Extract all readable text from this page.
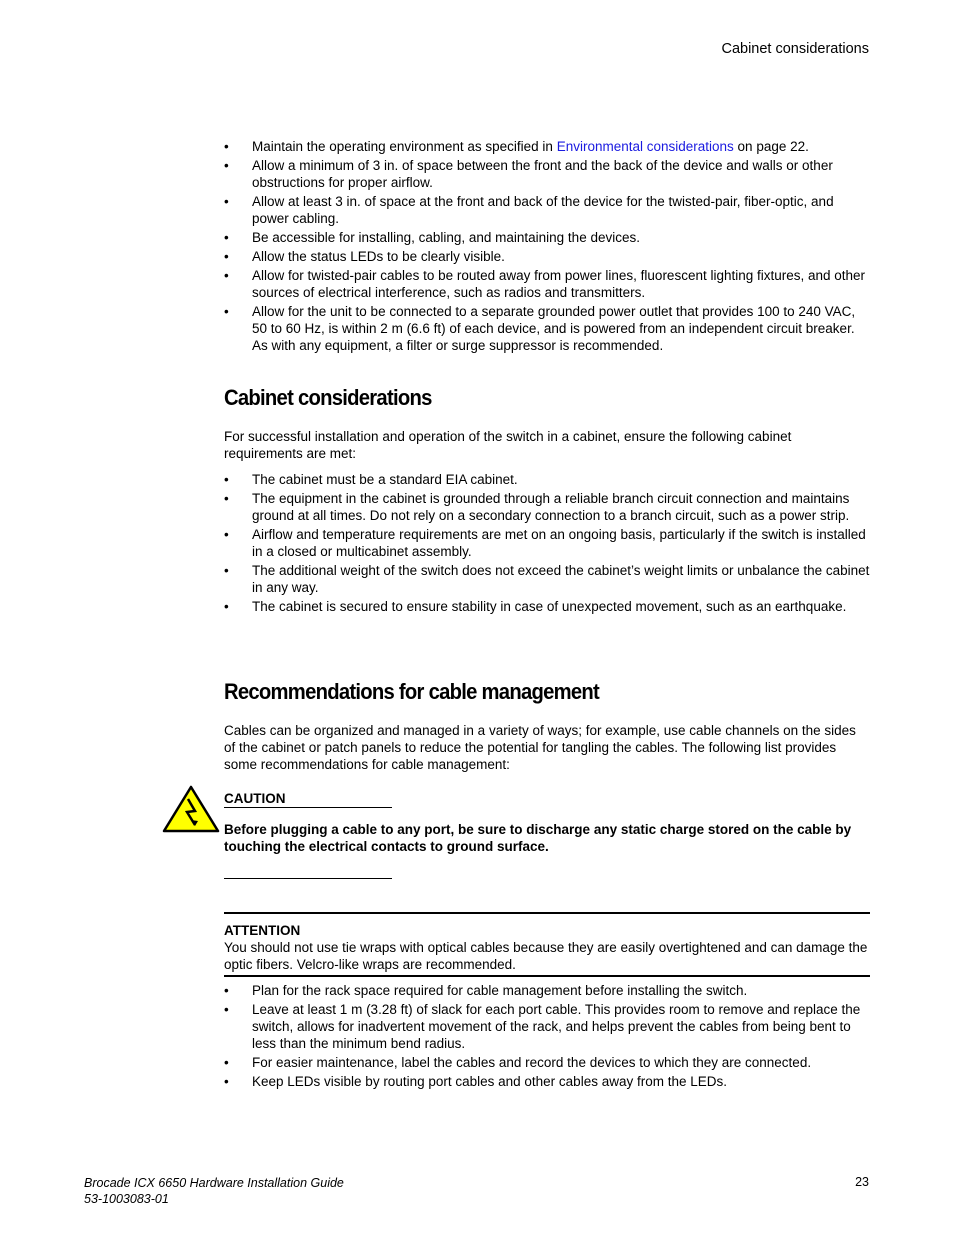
Cabinet considerations
• Maintain the operating environment as specified in Environmental considerations on page 22.
• Allow a minimum of 3 in. of space between the front and the back of the device and walls or other obstructions for proper airflow.
• Allow at least 3 in. of space at the front and back of the device for the twisted-pair, fiber-optic, and power cabling.
• Be accessible for installing, cabling, and maintaining the devices.
• Allow the status LEDs to be clearly visible.
• Allow for twisted-pair cables to be routed away from power lines, fluorescent lighting fixtures, and other sources of electrical interference, such as radios and transmitters.
• Allow for the unit to be connected to a separate grounded power outlet that provides 100 to 240 VAC, 50 to 60 Hz, is within 2 m (6.6 ft) of each device, and is powered from an independent circuit breaker. As with any equipment, a filter or surge suppressor is recommended.
Cabinet considerations

For successful installation and operation of the switch in a cabinet, ensure the following cabinet requirements are met:

• The cabinet must be a standard EIA cabinet.
• The equipment in the cabinet is grounded through a reliable branch circuit connection and maintains ground at all times. Do not rely on a secondary connection to a branch circuit, such as a power strip.
• Airflow and temperature requirements are met on an ongoing basis, particularly if the switch is installed in a closed or multicabinet assembly.
• The additional weight of the switch does not exceed the cabinet’s weight limits or unbalance the cabinet in any way.
• The cabinet is secured to ensure stability in case of unexpected movement, such as an earthquake.
Recommendations for cable management

Cables can be organized and managed in a variety of ways; for example, use cable channels on the sides of the cabinet or patch panels to reduce the potential for tangling the cables. The following list provides some recommendations for cable management:

CAUTION
Before plugging a cable to any port, be sure to discharge any static charge stored on the cable by touching the electrical contacts to ground surface.
ATTENTION
You should not use tie wraps with optical cables because they are easily overtightened and can damage the optic fibers. Velcro-like wraps are recommended.
• Plan for the rack space required for cable management before installing the switch.
• Leave at least 1 m (3.28 ft) of slack for each port cable. This provides room to remove and replace the switch, allows for inadvertent movement of the rack, and helps prevent the cables from being bent to less than the minimum bend radius.
• For easier maintenance, label the cables and record the devices to which they are connected.
• Keep LEDs visible by routing port cables and other cables away from the LEDs.
Brocade ICX 6650 Hardware Installation Guide
53-1003083-01
23
